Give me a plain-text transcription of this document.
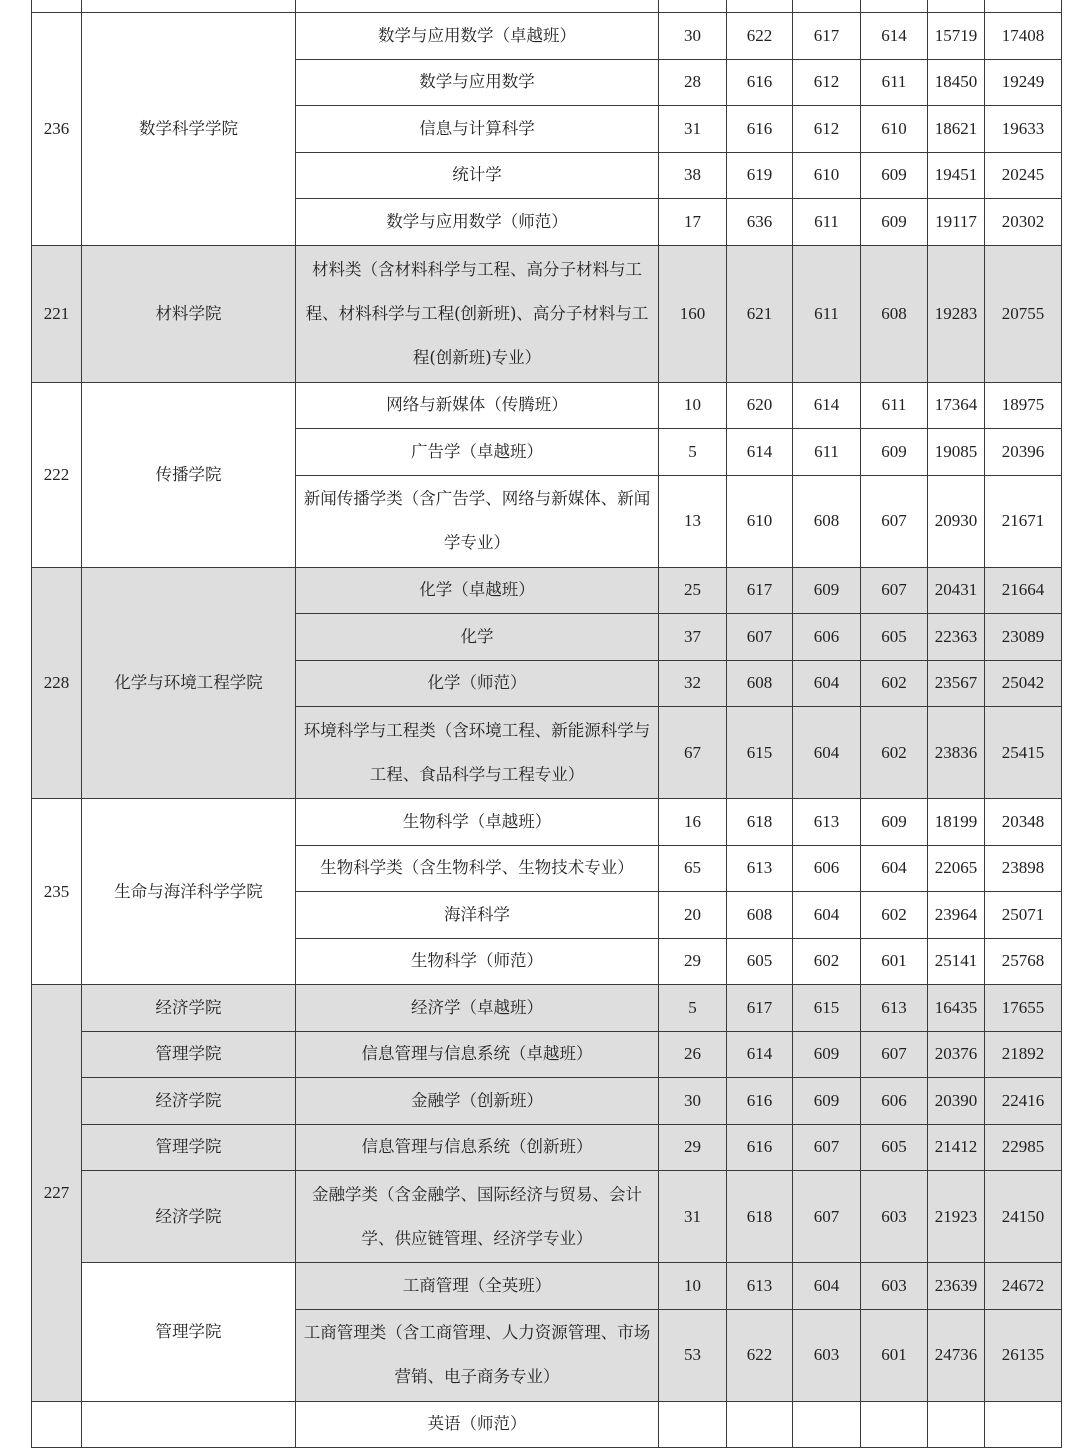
236	数学科学学院	数学与应用数学（卓越班）	30	622	617	614	15719	17408
		数学与应用数学	28	616	612	611	18450	19249
		信息与计算科学	31	616	612	610	18621	19633
		统计学	38	619	610	609	19451	20245
		数学与应用数学（师范）	17	636	611	609	19117	20302
221	材料学院	材料类（含材料科学与工程、高分子材料与工程、材料科学与工程(创新班)、高分子材料与工程(创新班)专业）	160	621	611	608	19283	20755
222	传播学院	网络与新媒体（传腾班）	10	620	614	611	17364	18975
		广告学（卓越班）	5	614	611	609	19085	20396
		新闻传播学类（含广告学、网络与新媒体、新闻学专业）	13	610	608	607	20930	21671
228	化学与环境工程学院	化学（卓越班）	25	617	609	607	20431	21664
		化学	37	607	606	605	22363	23089
		化学（师范）	32	608	604	602	23567	25042
		环境科学与工程类（含环境工程、新能源科学与工程、食品科学与工程专业）	67	615	604	602	23836	25415
235	生命与海洋科学学院	生物科学（卓越班）	16	618	613	609	18199	20348
		生物科学类（含生物科学、生物技术专业）	65	613	606	604	22065	23898
		海洋科学	20	608	604	602	23964	25071
		生物科学（师范）	29	605	602	601	25141	25768
227	经济学院	经济学（卓越班）	5	617	615	613	16435	17655
	管理学院	信息管理与信息系统（卓越班）	26	614	609	607	20376	21892
	经济学院	金融学（创新班）	30	616	609	606	20390	22416
	管理学院	信息管理与信息系统（创新班）	29	616	607	605	21412	22985
	经济学院	金融学类（含金融学、国际经济与贸易、会计学、供应链管理、经济学专业）	31	618	607	603	21923	24150
	管理学院	工商管理（全英班）	10	613	604	603	23639	24672
		工商管理类（含工商管理、人力资源管理、市场营销、电子商务专业）	53	622	603	601	24736	26135
		英语（师范）						
